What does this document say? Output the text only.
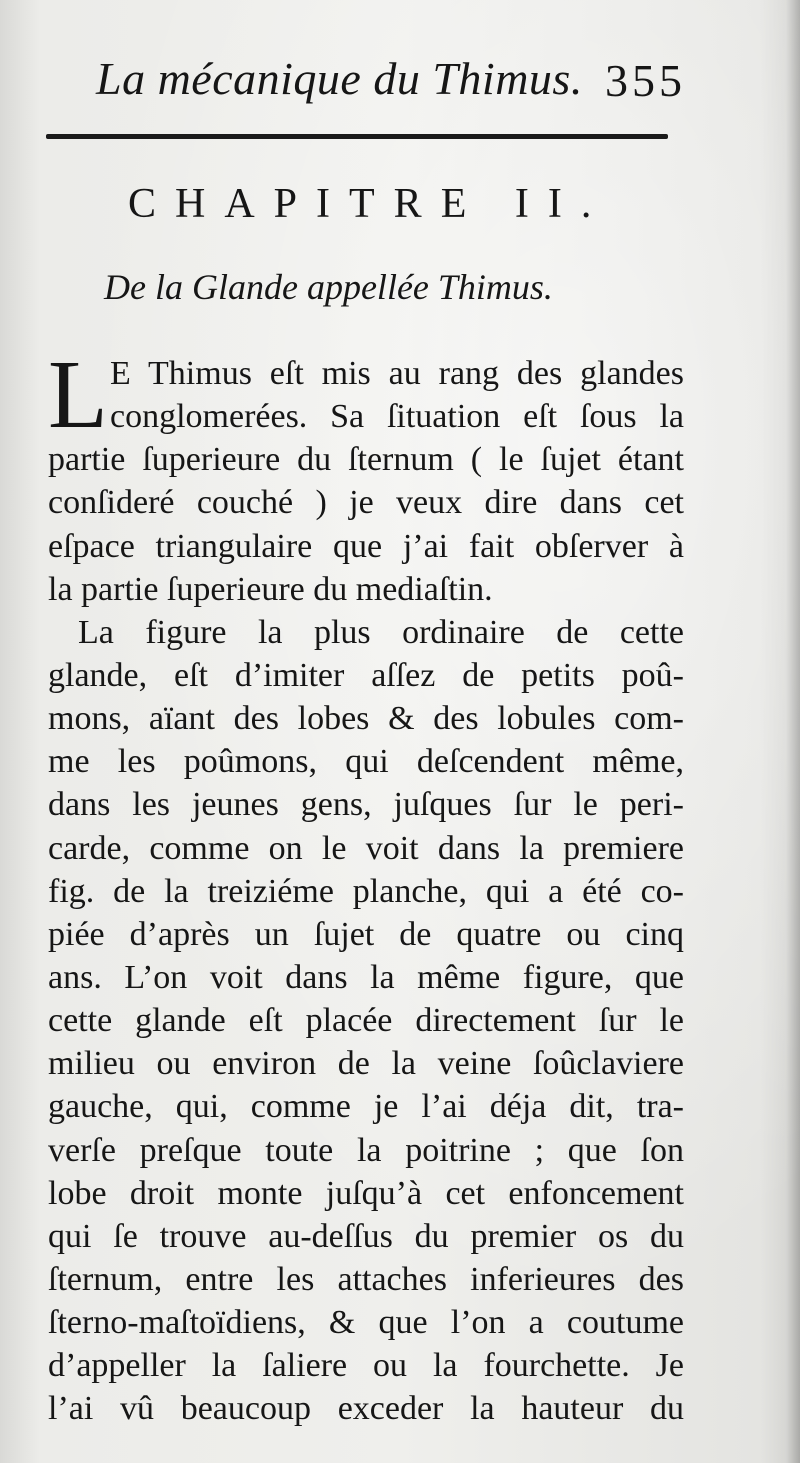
La mécanique du Thimus. 355
CHAPITRE II.
De la Glande appellée Thimus.
L E Thimus eſt mis au rang des glandes
conglomerées. Sa ſituation eſt ſous la
partie ſuperieure du ſternum ( le ſujet étant
conſideré couché ) je veux dire dans cet
eſpace triangulaire que j’ai fait obſerver à
la partie ſuperieure du mediaſtin.
La figure la plus ordinaire de cette
glande, eſt d’imiter aſſez de petits poû-
mons, aïant des lobes & des lobules com-
me les poûmons, qui deſcendent même,
dans les jeunes gens, juſques ſur le peri-
carde, comme on le voit dans la premiere
fig. de la treiziéme planche, qui a été co-
piée d’après un ſujet de quatre ou cinq
ans. L’on voit dans la même figure, que
cette glande eſt placée directement ſur le
milieu ou environ de la veine ſoûclaviere
gauche, qui, comme je l’ai déja dit, tra-
verſe preſque toute la poitrine ; que ſon
lobe droit monte juſqu’à cet enfoncement
qui ſe trouve au-deſſus du premier os du
ſternum, entre les attaches inferieures des
ſterno-maſtoïdiens, & que l’on a coutume
d’appeller la ſaliere ou la fourchette. Je
l’ai vû beaucoup exceder la hauteur du
